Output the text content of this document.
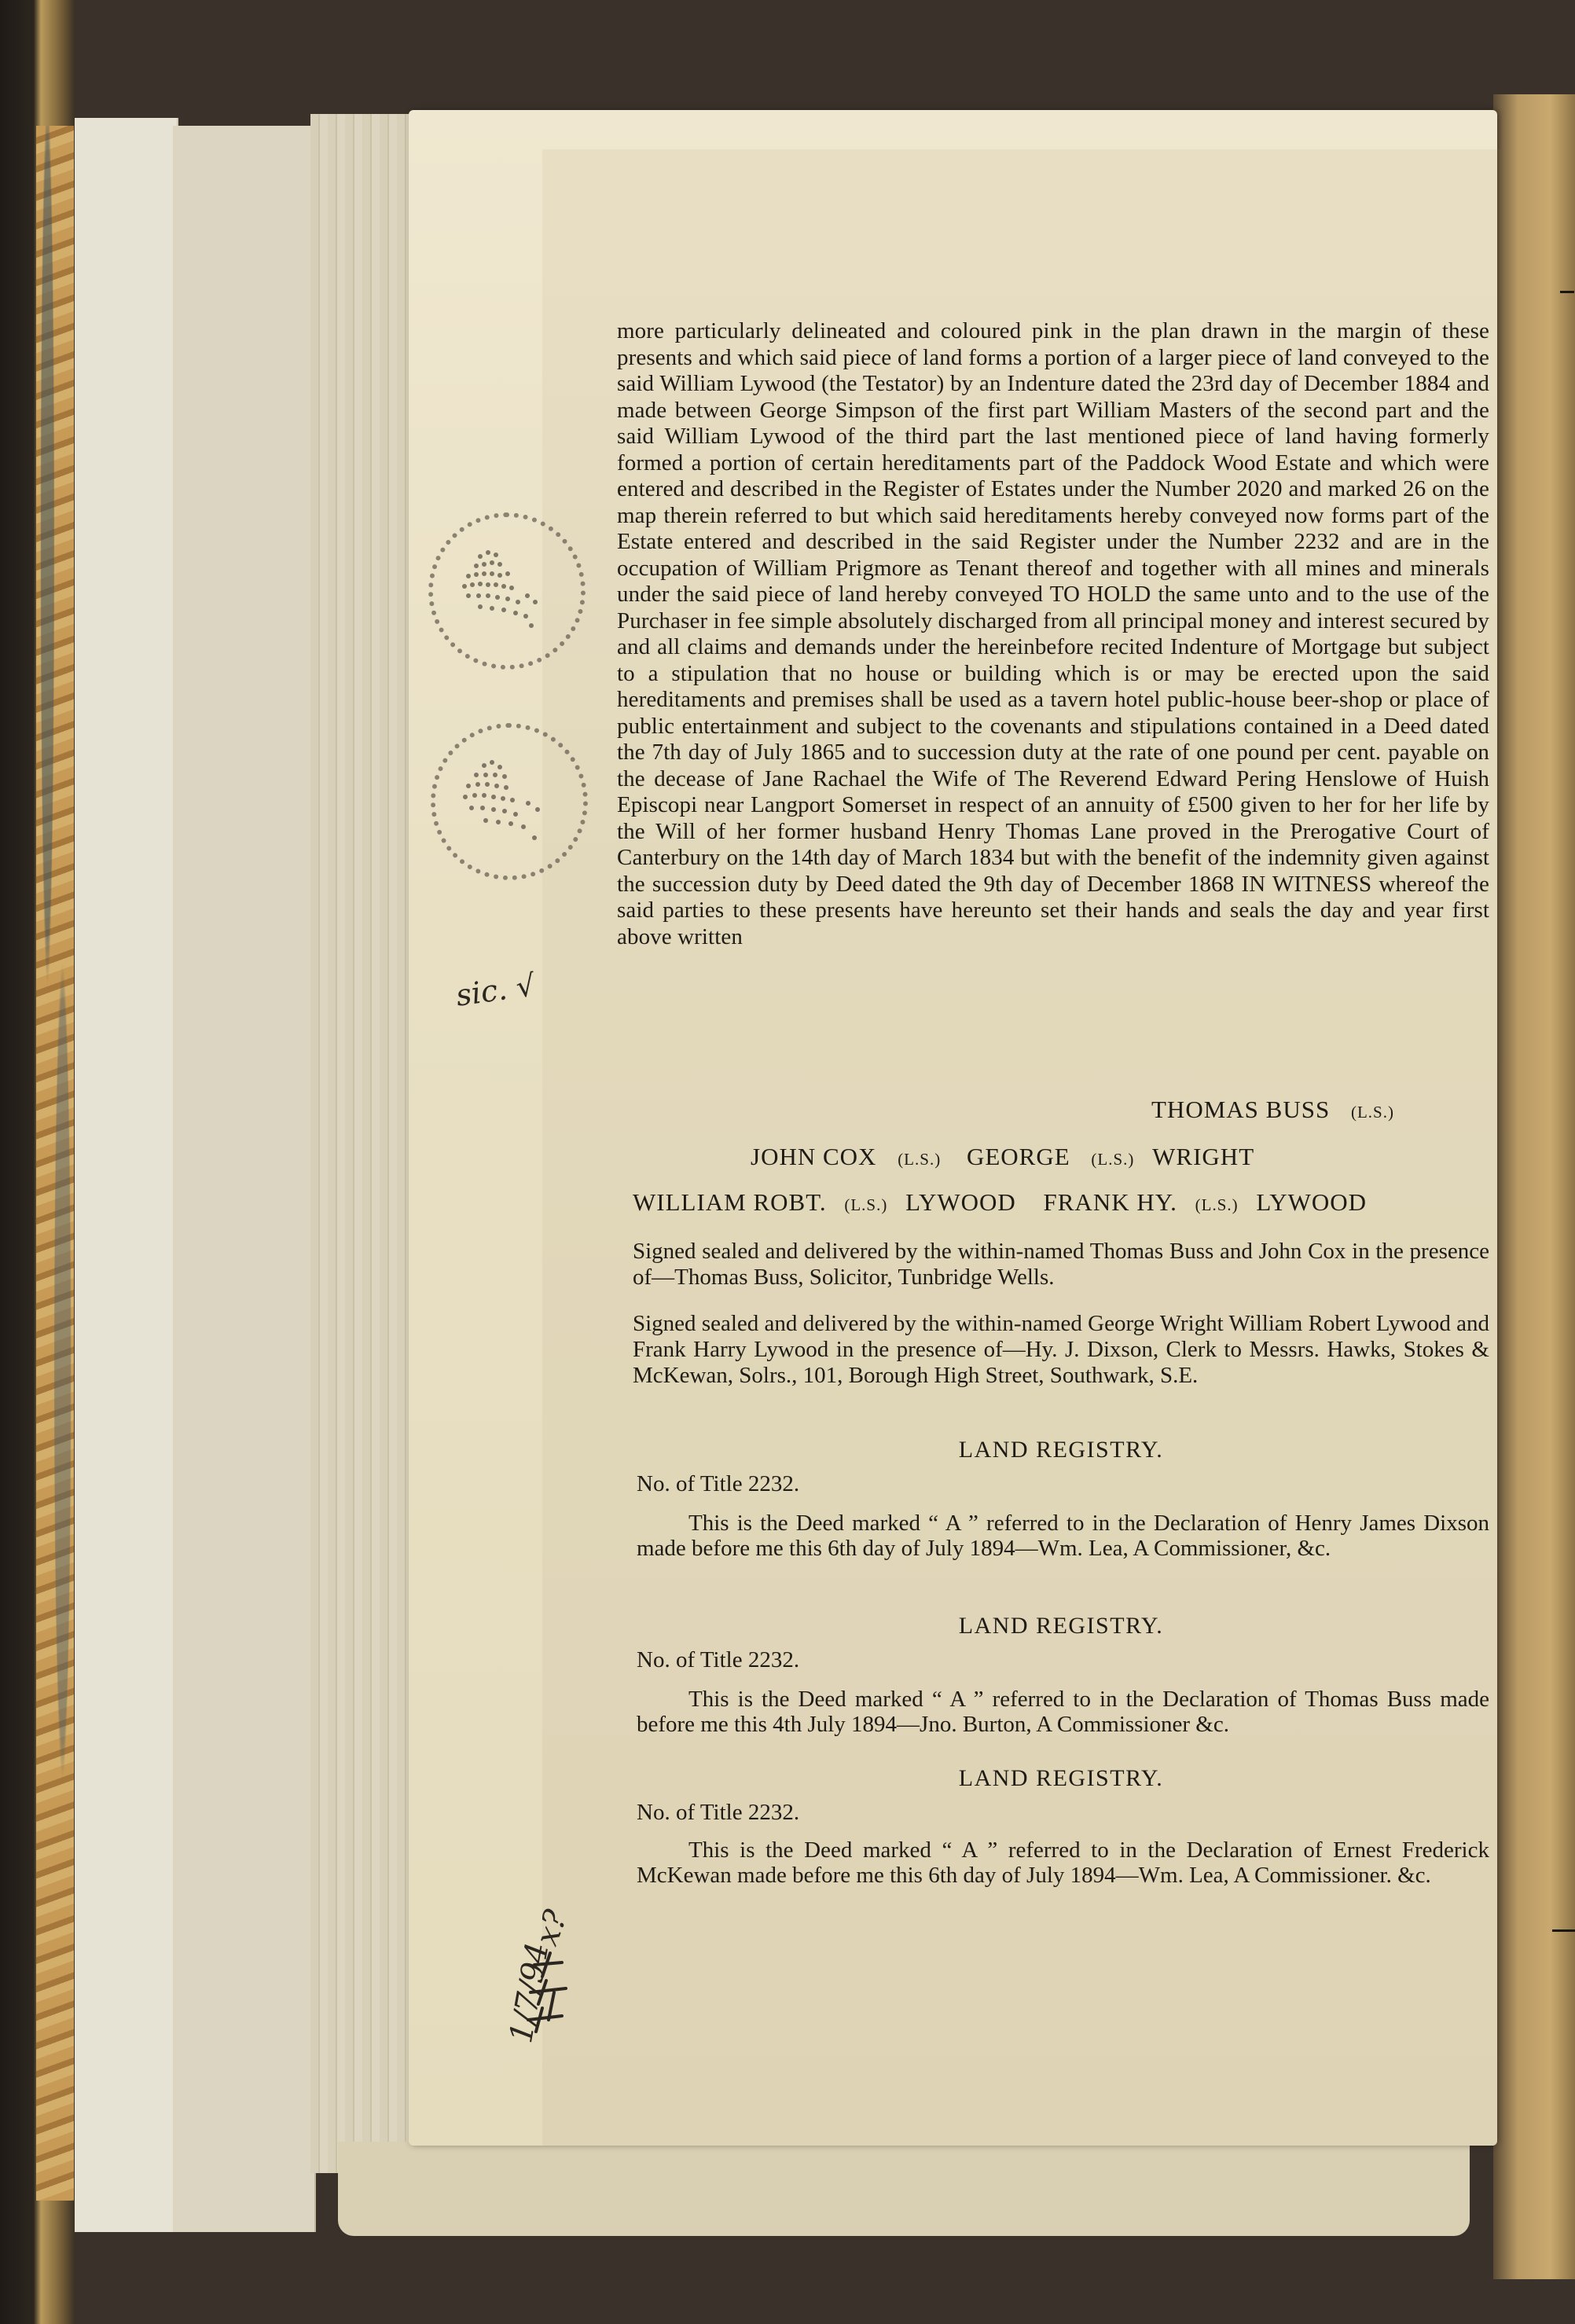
sic. √
x?
1/7/94

more particularly delineated and coloured pink in the plan drawn in the margin of these presents and which said piece of land forms a portion of a larger piece of land conveyed to the said William Lywood (the Testator) by an Indenture dated the 23rd day of December 1884 and made between George Simpson of the first part William Masters of the second part and the said William Lywood of the third part the last mentioned piece of land having formerly formed a portion of certain hereditaments part of the Paddock Wood Estate and which were entered and described in the Register of Estates under the Number 2020 and marked 26 on the map therein referred to but which said hereditaments hereby conveyed now forms part of the Estate entered and described in the said Register under the Number 2232 and are in the occupation of William Prigmore as Tenant thereof and together with all mines and minerals under the said piece of land hereby conveyed TO HOLD the same unto and to the use of the Purchaser in fee simple absolutely discharged from all principal money and interest secured by and all claims and demands under the hereinbefore recited Indenture of Mortgage but subject to a stipulation that no house or building which is or may be erected upon the said hereditaments and premises shall be used as a tavern hotel public-house beer-shop or place of public entertainment and subject to the covenants and stipulations contained in a Deed dated the 7th day of July 1865 and to succession duty at the rate of one pound per cent. payable on the decease of Jane Rachael the Wife of The Reverend Edward Pering Henslowe of Huish Episcopi near Langport Somerset in respect of an annuity of £500 given to her for her life by the Will of her former husband Henry Thomas Lane proved in the Prerogative Court of Canterbury on the 14th day of March 1834 but with the benefit of the indemnity given against the succession duty by Deed dated the 9th day of December 1868 IN WITNESS whereof the said parties to these presents have hereunto set their hands and seals the day and year first above written

THOMAS BUSS (L.S.)
JOHN COX (L.S.) GEORGE (L.S.) WRIGHT
WILLIAM ROBT. (L.S.) LYWOOD FRANK HY. (L.S.) LYWOOD

Signed sealed and delivered by the within-named Thomas Buss and John Cox in the presence of—Thomas Buss, Solicitor, Tunbridge Wells.

Signed sealed and delivered by the within-named George Wright William Robert Lywood and Frank Harry Lywood in the presence of—Hy. J. Dixson, Clerk to Messrs. Hawks, Stokes & McKewan, Solrs., 101, Borough High Street, Southwark, S.E.

LAND REGISTRY.

No. of Title 2232.

This is the Deed marked “ A ” referred to in the Declaration of Henry James Dixson made before me this 6th day of July 1894—Wm. Lea, A Commissioner, &c.

LAND REGISTRY.

No. of Title 2232.

This is the Deed marked “ A ” referred to in the Declaration of Thomas Buss made before me this 4th July 1894—Jno. Burton, A Commissioner &c.

LAND REGISTRY.

No. of Title 2232.

This is the Deed marked “ A ” referred to in the Declaration of Ernest Frederick McKewan made before me this 6th day of July 1894—Wm. Lea, A Commissioner. &c.
